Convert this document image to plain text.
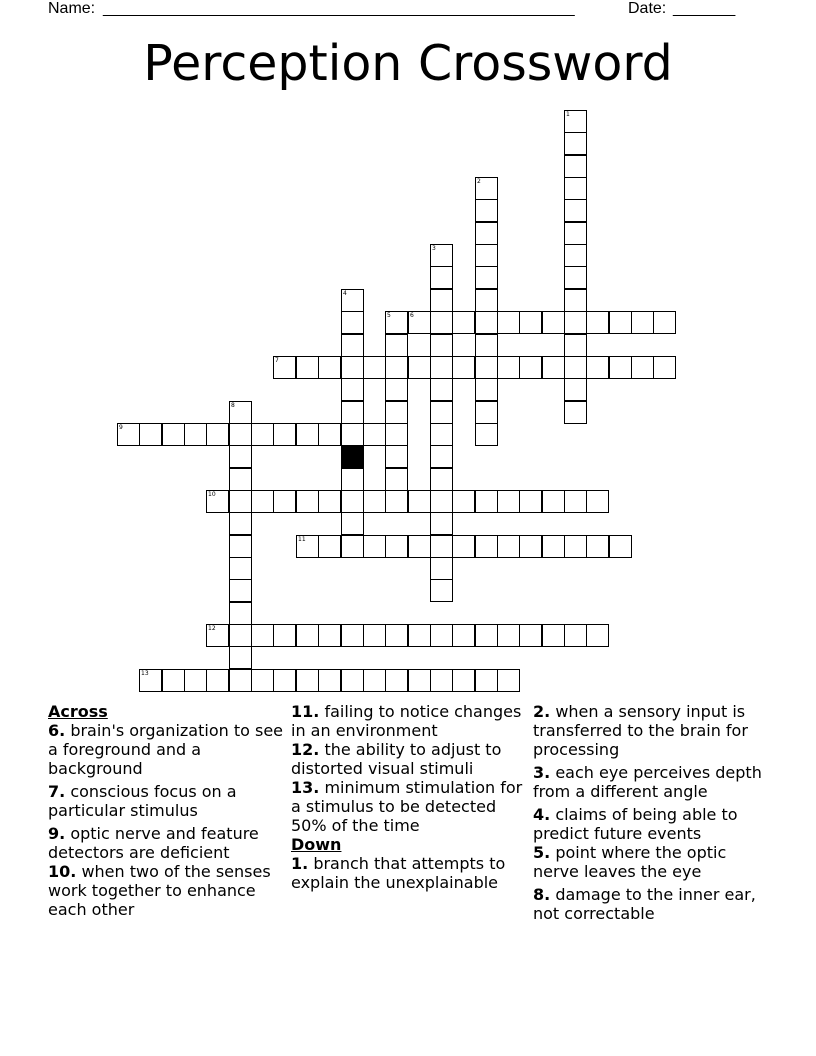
Name: _____________________________________________________	Date: _______
Perception Crossword
1
2
3
4
5	6
7
8
9
10
11
12
13

Across

6. brain's organization to see a foreground and a background

7. conscious focus on a particular stimulus

9. optic nerve and feature detectors are deficient

10. when two of the senses work together to enhance each other

11. failing to notice changes in an environment

12. the ability to adjust to distorted visual stimuli

13. minimum stimulation for a stimulus to be detected 50% of the time

Down

1. branch that attempts to explain the unexplainable

2. when a sensory input is transferred to the brain for processing

3. each eye perceives depth from a different angle

4. claims of being able to predict future events

5. point where the optic nerve leaves the eye

8. damage to the inner ear, not correctable
